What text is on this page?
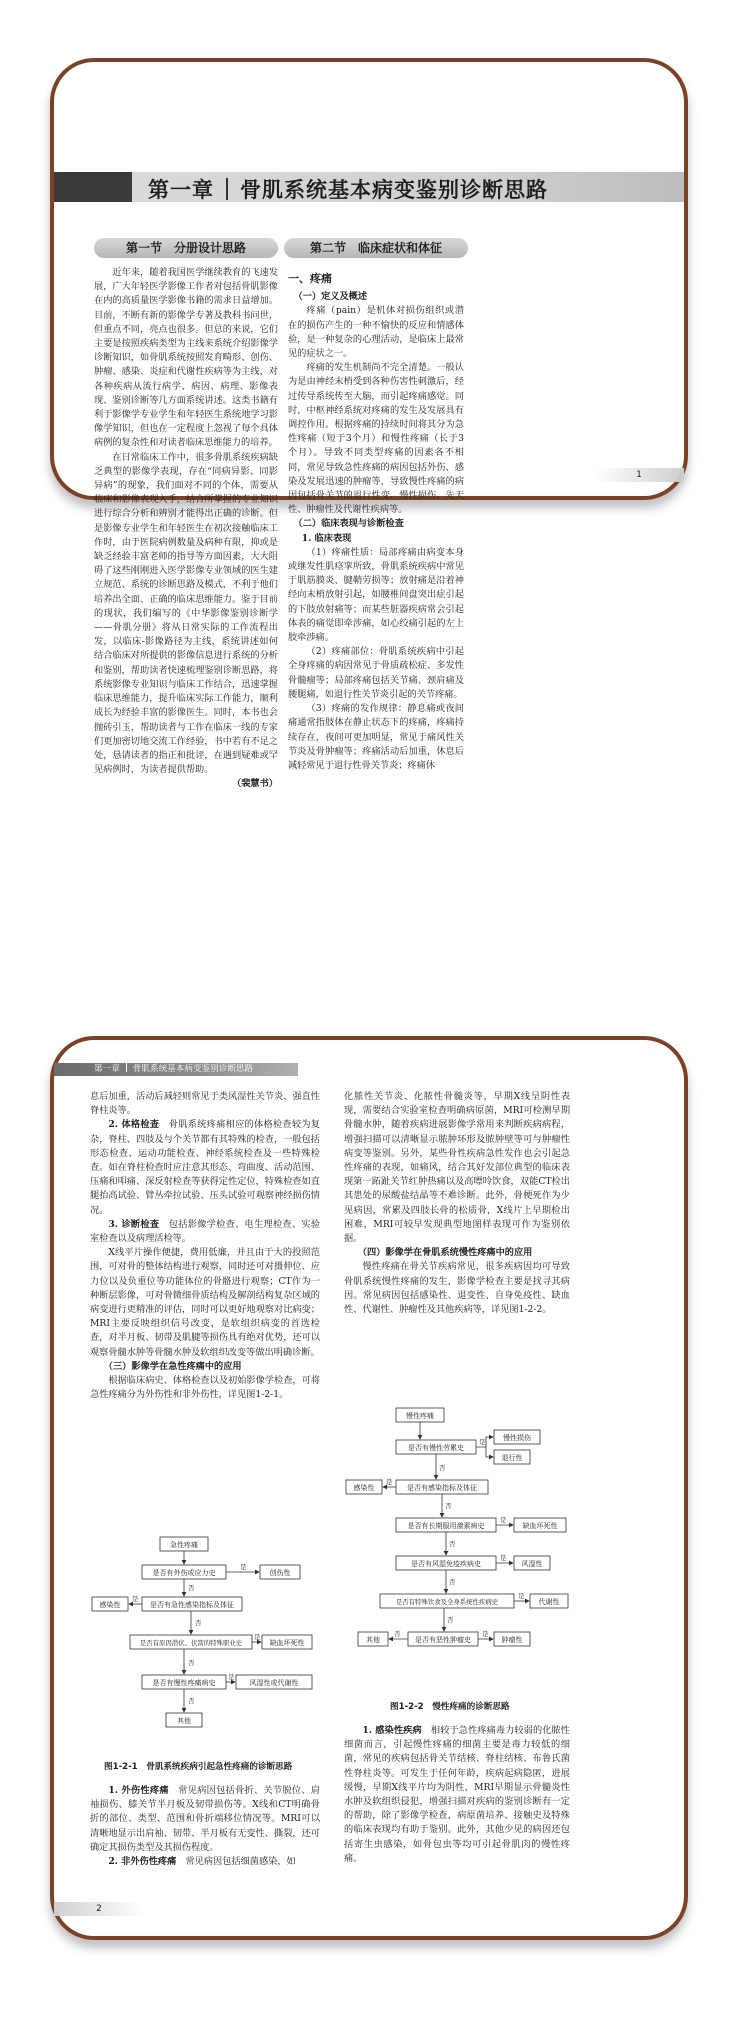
第一章 骨肌系统基本病变鉴别诊断思路
第一节　分册设计思路	第二节　临床症状和体征

近年来，随着我国医学继续教育的飞速发展，广大年轻医学影像工作者对包括骨肌影像在内的高质量医学影像书籍的需求日益增加。目前，不断有新的影像学专著及教科书问世，但重点不同，亮点也很多。但总的来说，它们主要是按照疾病类型为主线来系统介绍影像学诊断知识，如骨肌系统按照发育畸形、创伤、肿瘤、感染、炎症和代谢性疾病等为主线，对各种疾病从流行病学、病因、病理、影像表现、鉴别诊断等几方面系统讲述。这类书籍有利于影像学专业学生和年轻医生系统地学习影像学知识，但也在一定程度上忽视了每个具体病例的复杂性和对读者临床思维能力的培养。

在日常临床工作中，很多骨肌系统疾病缺乏典型的影像学表现，存在“同病异影、同影异病”的现象，我们面对不同的个体，需要从临床和影像表现入手，结合所掌握的专业知识进行综合分析和辨别才能得出正确的诊断。但是影像专业学生和年轻医生在初次接触临床工作时，由于医院病例数量及病种有限，抑或是缺乏经验丰富老师的指导等方面因素，大大阻碍了这些刚刚进入医学影像专业领域的医生建立规范、系统的诊断思路及模式，不利于他们培养出全面、正确的临床思维能力。鉴于目前的现状，我们编写的《中华影像鉴别诊断学——骨肌分册》将从日常实际的工作流程出发，以临床-影像路径为主线，系统讲述如何结合临床对所提供的影像信息进行系统的分析和鉴别，帮助读者快速梳理鉴别诊断思路，将系统影像专业知识与临床工作结合，迅速掌握临床思维能力，提升临床实际工作能力，顺利成长为经验丰富的影像医生。同时，本书也会抛砖引玉，帮助读者与工作在临床一线的专家们更加密切地交流工作经验，书中若有不足之处，恳请读者的指正和批评，在遇到疑难或罕见病例时，为读者提供帮助。

（裴慧书）

一、疼痛

（一）定义及概述

疼痛（pain）是机体对损伤组织或潜在的损伤产生的一种不愉快的反应和情感体验，是一种复杂的心理活动，是临床上最常见的症状之一。

疼痛的发生机制尚不完全清楚。一般认为是由神经末梢受到各种伤害性刺激后，经过传导系统传至大脑，而引起疼痛感觉。同时，中枢神经系统对疼痛的发生及发展具有调控作用。根据疼痛的持续时间将其分为急性疼痛（短于3个月）和慢性疼痛（长于3个月）。导致不同类型疼痛的因素各不相同，常见导致急性疼痛的病因包括外伤、感染及发展迅速的肿瘤等，导致慢性疼痛的病因包括骨关节的退行性变、慢性损伤、先天性、肿瘤性及代谢性疾病等。

（二）临床表现与诊断检查

1. 临床表现

（1）疼痛性质：局部疼痛由病变本身或继发性肌痉挛所致，骨肌系统疾病中常见于肌筋膜炎、腱鞘劳损等；放射痛是沿着神经向末梢放射引起，如腰椎间盘突出症引起的下肢放射痛等；而某些脏器疾病常会引起体表的痛觉即牵涉痛，如心绞痛引起的左上肢牵涉痛。

（2）疼痛部位：骨肌系统疾病中引起全身疼痛的病因常见于骨质疏松症、多发性骨髓瘤等；局部疼痛包括关节痛、颈肩痛及腰腿痛，如退行性关节炎引起的关节疼痛。

（3）疼痛的发作规律：静息痛或夜间痛通常指肢体在静止状态下的疼痛，疼痛持续存在，夜间可更加明显，常见于痛风性关节炎及骨肿瘤等；疼痛活动后加重，休息后减轻常见于退行性骨关节炎；疼痛休

1
第一章 骨肌系统基本病变鉴别诊断思路

息后加重，活动后减轻则常见于类风湿性关节炎、强直性脊柱炎等。

2. 体格检查　骨肌系统疼痛相应的体格检查较为复杂，脊柱、四肢及与个关节都有其特殊的检查，一般包括形态检查、运动功能检查、神经系统检查及一些特殊检查。如在脊柱检查时应注意其形态、弯曲度、活动范围、压痛和叩痛、深反射检查等获得定性定位，特殊检查如直腿抬高试验、臂丛牵拉试验、压头试验可观察神经损伤情况。

3. 诊断检查　包括影像学检查、电生理检查、实验室检查以及病理活检等。

X线平片操作便捷，费用低廉，并且由于大的投照范围，可对骨的整体结构进行观察，同时还可对摄伸位、应力位以及负重位等功能体位的骨骼进行观察；CT作为一种断层影像，可对骨微细骨质结构及解剖结构复杂区域的病变进行更精准的评估，同时可以更好地观察对比病变；MRI主要反映组织信号改变，是软组织病变的首选检查，对半月板、韧带及肌腱等损伤具有绝对优势，还可以观察骨髓水肿等骨髓水肿及软组织改变等做出明确诊断。

（三）影像学在急性疼痛中的应用

根据临床病史、体格检查以及初始影像学检查，可将急性疼痛分为外伤性和非外伤性，详见图1-2-1。

急性疼痛
是否有外伤或应力史	创伤性
是否有急性感染指标及体征
感染性
是否有原因潜伏、伏箭的特殊职业史	缺血坏死性
是否有慢性疼痛病史	风湿性或代谢性
其他
是
否
是
否
是
否
是
否
图1-2-1　骨肌系统疾病引起急性疼痛的诊断思路

1. 外伤性疼痛　常见病因包括骨折、关节脱位、肩袖损伤、膝关节半月板及韧带损伤等。X线和CT明确骨折的部位、类型、范围和骨折端移位情况等。MRI可以清晰地显示出肩袖、韧带、半月板有无变性、撕裂，还可确定其损伤类型及其损伤程度。

2. 非外伤性疼痛　常见病因包括细菌感染，如

化脓性关节炎、化脓性骨髓炎等，早期X线呈阴性表现，需要结合实验室检查明确病原菌，MRI可检测早期骨髓水肿，随着疾病进展影像学常用来判断疾病病程，增强扫描可以清晰显示脓肿环形及脓肿壁等可与肿瘤性病变等鉴别。另外，某些骨性疾病急性发作也会引起急性疼痛的表现，如痛风，结合其好发部位典型的临床表现第一跖趾关节红肿热痛以及高嘌呤饮食，双能CT检出其患处的尿酸盐结晶等不难诊断。此外，骨梗死作为少见病因，常累及四肢长骨的松质骨，X线片上早期检出困难，MRI可较早发现典型地图样表现可作为鉴别依据。

（四）影像学在骨肌系统慢性疼痛中的应用

慢性疼痛在骨关节疾病常见，很多疾病因均可导致骨肌系统慢性疼痛的发生，影像学检查主要是找寻其病因。常见病因包括感染性、退变性、自身免疫性、缺血性、代谢性、肿瘤性及其他疾病等，详见图1-2-2。

慢性疼痛
是否有慢性劳累史
慢性损伤
退行性
是否有感染指标及体征
感染性
是否有长期服用激素病史	缺血坏死性
是否有风湿免疫疾病史	风湿性
是否有特殊饮食及全身系统性疾病史	代谢性
是否有恶性肿瘤史
其他	肿瘤性
是
否
是
否
是
否
是
否
是
否
否	是
图1-2-2　慢性疼痛的诊断思路

1. 感染性疾病　相较于急性疼痛毒力较弱的化脓性细菌而言，引起慢性疼痛的细菌主要是毒力较低的细菌，常见的疾病包括骨关节结核、脊柱结核、布鲁氏菌性脊柱炎等。可发生于任何年龄，疾病起病隐匿，进展缓慢，早期X线平片均为阴性，MRI早期显示骨髓炎性水肿及软组织侵犯，增强扫描对疾病的鉴别诊断有一定的帮助，除了影像学检查，病原菌培养、接触史及特殊的临床表现均有助于鉴别。此外，其他少见的病因还包括寄生虫感染，如骨包虫等均可引起骨肌肉的慢性疼痛。

2
